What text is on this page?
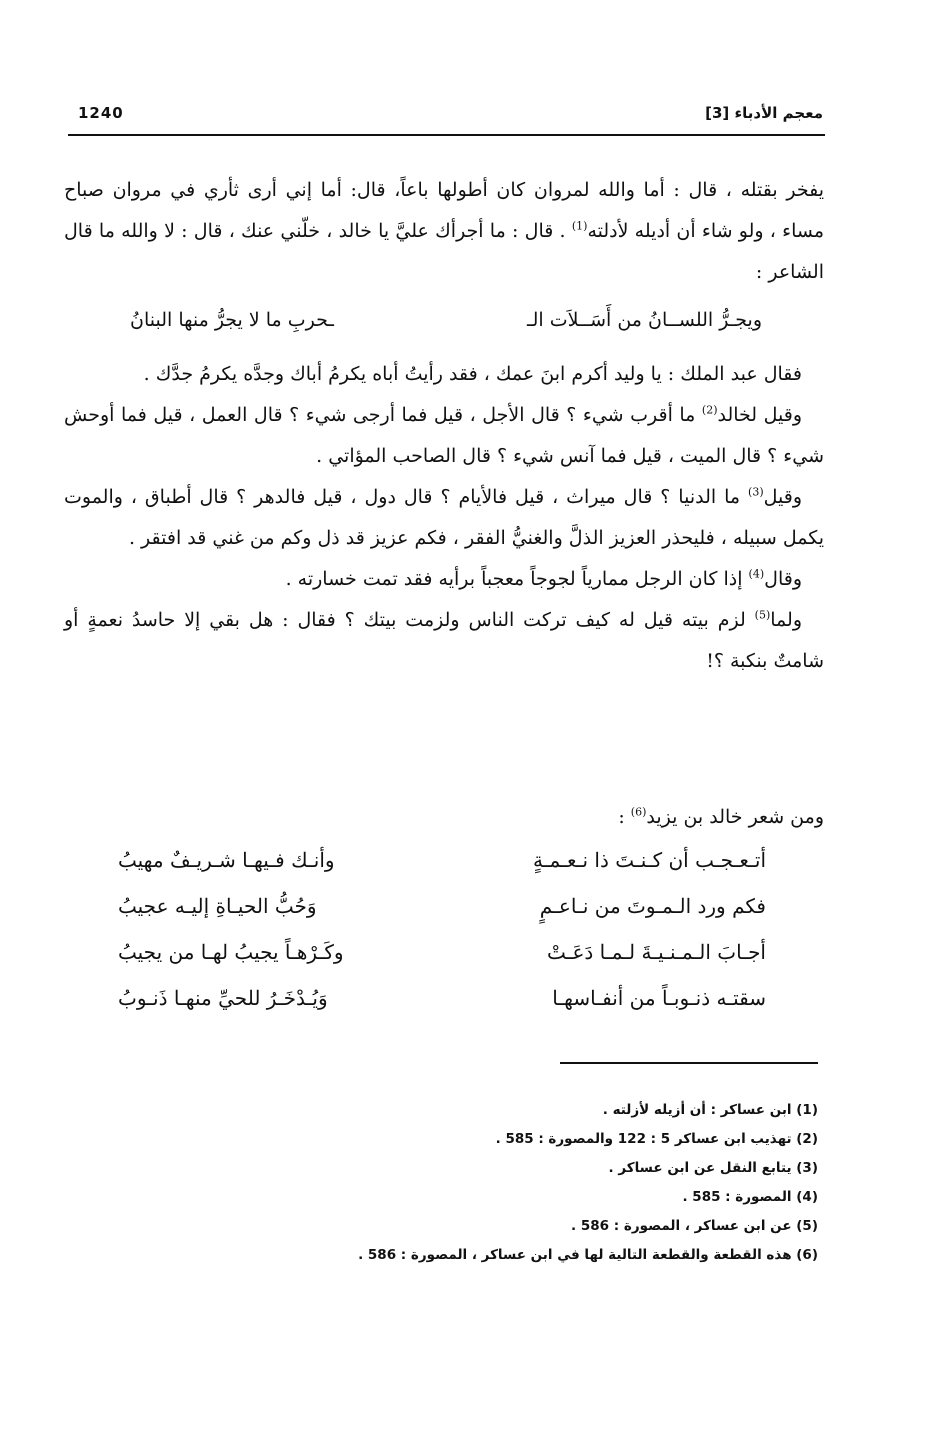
1240	معجم الأدباء [3]

يفخر بقتله ، قال : أما والله لمروان كان أطولها باعاً، قال: أما إني أرى ثأري في مروان صباح مساء ، ولو شاء أن أديله لأدلته$^{(1)}$ . قال : ما أجرأك عليَّ يا خالد ، خلّني عنك ، قال : لا والله ما قال الشاعر :

ويجـرُّ اللســانُ من أَسَــلاَت الـ
ـحربِ ما لا يجرُّ منها البنانُ

فقال عبد الملك : يا وليد أكرم ابنَ عمك ، فقد رأيتُ أباه يكرمُ أباك وجدَّه يكرمُ جدَّك .

وقيل لخالد$^{(2)}$ ما أقرب شيء ؟ قال الأجل ، قيل فما أرجى شيء ؟ قال العمل ، قيل فما أوحش شيء ؟ قال الميت ، قيل فما آنس شيء ؟ قال الصاحب المؤاتي .

وقيل$^{(3)}$ ما الدنيا ؟ قال ميراث ، قيل فالأيام ؟ قال دول ، قيل فالدهر ؟ قال أطباق ، والموت يكمل سبيله ، فليحذر العزيز الذلَّ والغنيُّ الفقر ، فكم عزيز قد ذل وكم من غني قد افتقر .

وقال$^{(4)}$ إذا كان الرجل ممارياً لجوجاً معجباً برأيه فقد تمت خسارته .

ولما$^{(5)}$ لزم بيته قيل له كيف تركت الناس ولزمت بيتك ؟ فقال : هل بقي إلا حاسدُ نعمةٍ أو شامتٌ بنكبة ؟!

ومن شعر خالد بن يزيد$^{(6)}$ :
أتـعـجـب أن كـنـتَ ذا نـعـمـةٍ
وأنـك فـيهـا شـريـفٌ مهيبُ
فكم ورد الـمـوتَ من نـاعـمٍ
وَحُبُّ الحيـاةِ إليـه عجيبُ
أجـابَ الـمـنـيـةَ لـمـا دَعَـتْ
وكَـرْهـاً يجيبُ لهـا من يجيبُ
سقتـه ذنـوبـاً من أنفـاسهـا
وَيُـدْخَـرُ للحيِّ منهـا ذَنـوبُ
(1) ابن عساكر : أن أزيله لأزلته .
(2) تهذيب ابن عساكر 5 : 122 والمصورة : 585 .
(3) يتابع النقل عن ابن عساكر .
(4) المصورة : 585 .
(5) عن ابن عساكر ، المصورة : 586 .
(6) هذه القطعة والقطعة التالية لها في ابن عساكر ، المصورة : 586 .
